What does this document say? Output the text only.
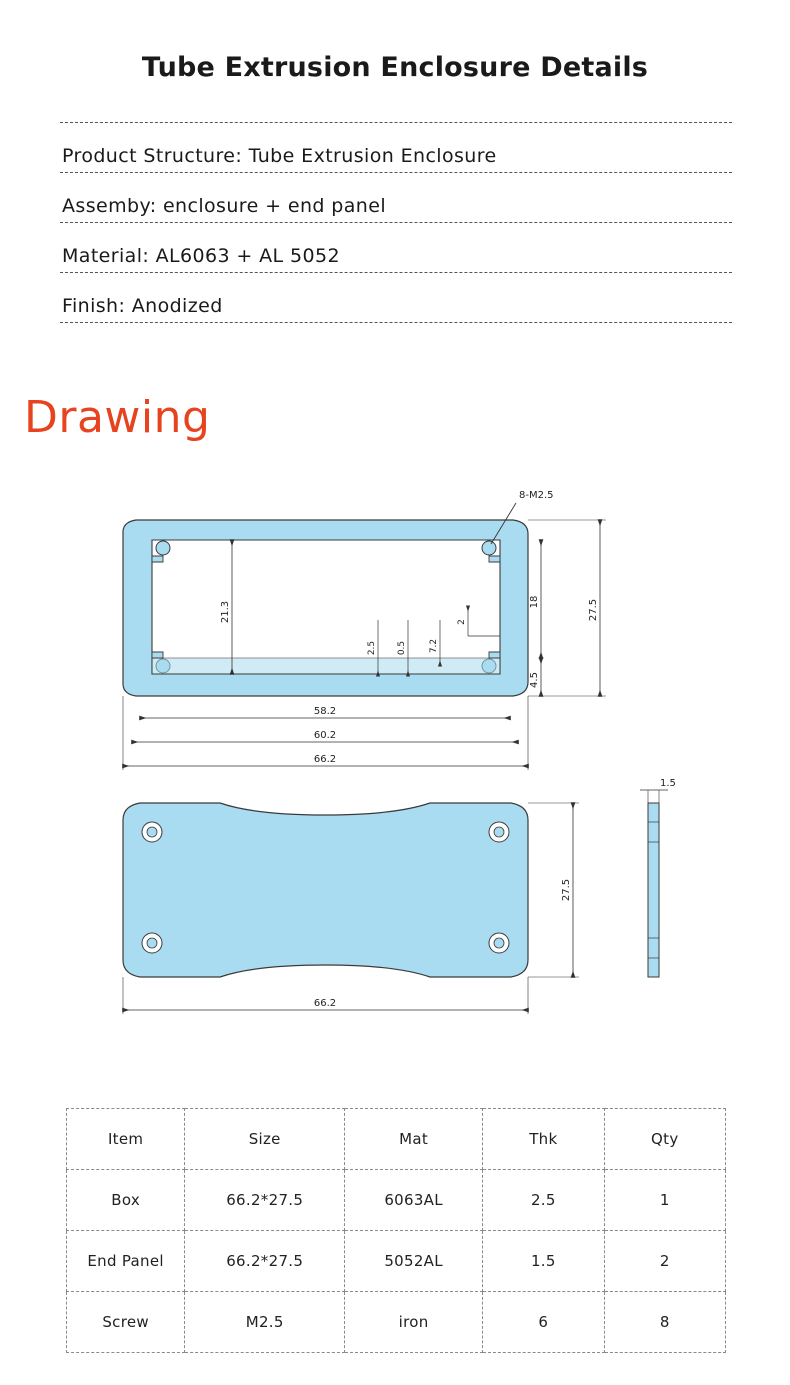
Tube Extrusion Enclosure Details
Product Structure: Tube Extrusion Enclosure
Assemby: enclosure + end panel
Material: AL6063 + AL 5052
Finish: Anodized
Drawing
8-M2.5
21.3	18
4.5
27.5
2.5 0.5 7.2
2
58.2
60.2
66.2
27.5
66.2
1.5
Item	Size	Mat	Thk	Qty
Box	66.2*27.5	6063AL	2.5	1
End Panel	66.2*27.5	5052AL	1.5	2
Screw	M2.5	iron	6	8
